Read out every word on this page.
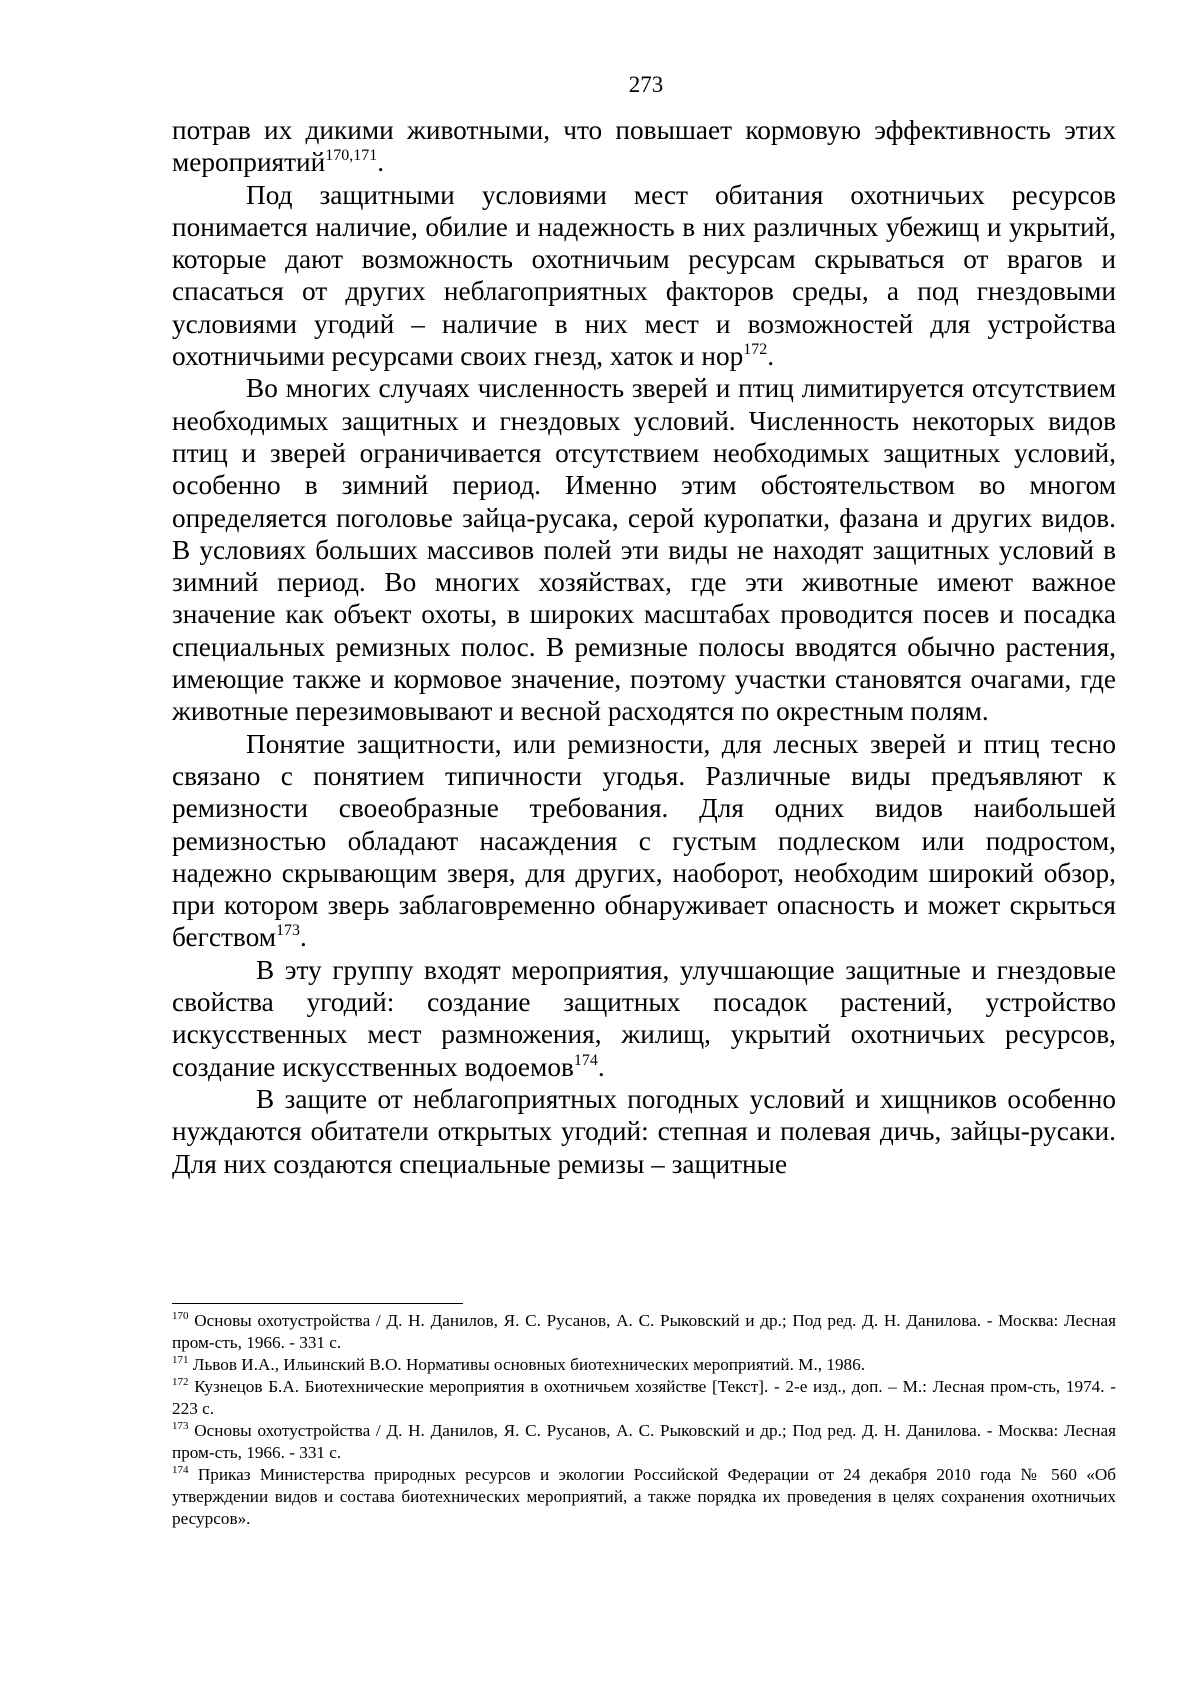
273

потрав их дикими животными, что повышает кормовую эффективность этих мероприятий$^{170,171}$.

Под защитными условиями мест обитания охотничьих ресурсов понимается наличие, обилие и надежность в них различных убежищ и укрытий, которые дают возможность охотничьим ресурсам скрываться от врагов и спасаться от других неблагоприятных факторов среды, а под гнездовыми условиями угодий – наличие в них мест и возможностей для устройства охотничьими ресурсами своих гнезд, хаток и нор$^{172}$.

Во многих случаях численность зверей и птиц лимитируется отсутствием необходимых защитных и гнездовых условий. Численность некоторых видов птиц и зверей ограничивается отсутствием необходимых защитных условий, особенно в зимний период. Именно этим обстоятельством во многом определяется поголовье зайца-русака, серой куропатки, фазана и других видов. В условиях больших массивов полей эти виды не находят защитных условий в зимний период. Во многих хозяйствах, где эти животные имеют важное значение как объект охоты, в широких масштабах проводится посев и посадка специальных ремизных полос. В ремизные полосы вводятся обычно растения, имеющие также и кормовое значение, поэтому участки становятся очагами, где животные перезимовывают и весной расходятся по окрестным полям.

Понятие защитности, или ремизности, для лесных зверей и птиц тесно связано с понятием типичности угодья. Различные виды предъявляют к ремизности своеобразные требования. Для одних видов наибольшей ремизностью обладают насаждения с густым подлеском или подростом, надежно скрывающим зверя, для других, наоборот, необходим широкий обзор, при котором зверь заблаговременно обнаруживает опасность и может скрыться бегством$^{173}$.

В эту группу входят мероприятия, улучшающие защитные и гнездовые свойства угодий: создание защитных посадок растений, устройство искусственных мест размножения, жилищ, укрытий охотничьих ресурсов, создание искусственных водоемов$^{174}$.

В защите от неблагоприятных погодных условий и хищников особенно нуждаются обитатели открытых угодий: степная и полевая дичь, зайцы-русаки. Для них создаются специальные ремизы – защитные

$^{170}$ Основы охотустройства / Д. Н. Данилов, Я. С. Русанов, А. С. Рыковский и др.; Под ред. Д. Н. Данилова. - Москва: Лесная пром-сть, 1966. - 331 с.

$^{171}$ Львов И.А., Ильинский В.О. Нормативы основных биотехнических мероприятий. М., 1986.

$^{172}$ Кузнецов Б.А. Биотехнические мероприятия в охотничьем хозяйстве [Текст]. - 2-е изд., доп. – М.: Лесная пром-сть, 1974. - 223 с.

$^{173}$ Основы охотустройства / Д. Н. Данилов, Я. С. Русанов, А. С. Рыковский и др.; Под ред. Д. Н. Данилова. - Москва: Лесная пром-сть, 1966. - 331 с.

$^{174}$ Приказ Министерства природных ресурсов и экологии Российской Федерации от 24 декабря 2010 года № 560 «Об утверждении видов и состава биотехнических мероприятий, а также порядка их проведения в целях сохранения охотничьих ресурсов».
